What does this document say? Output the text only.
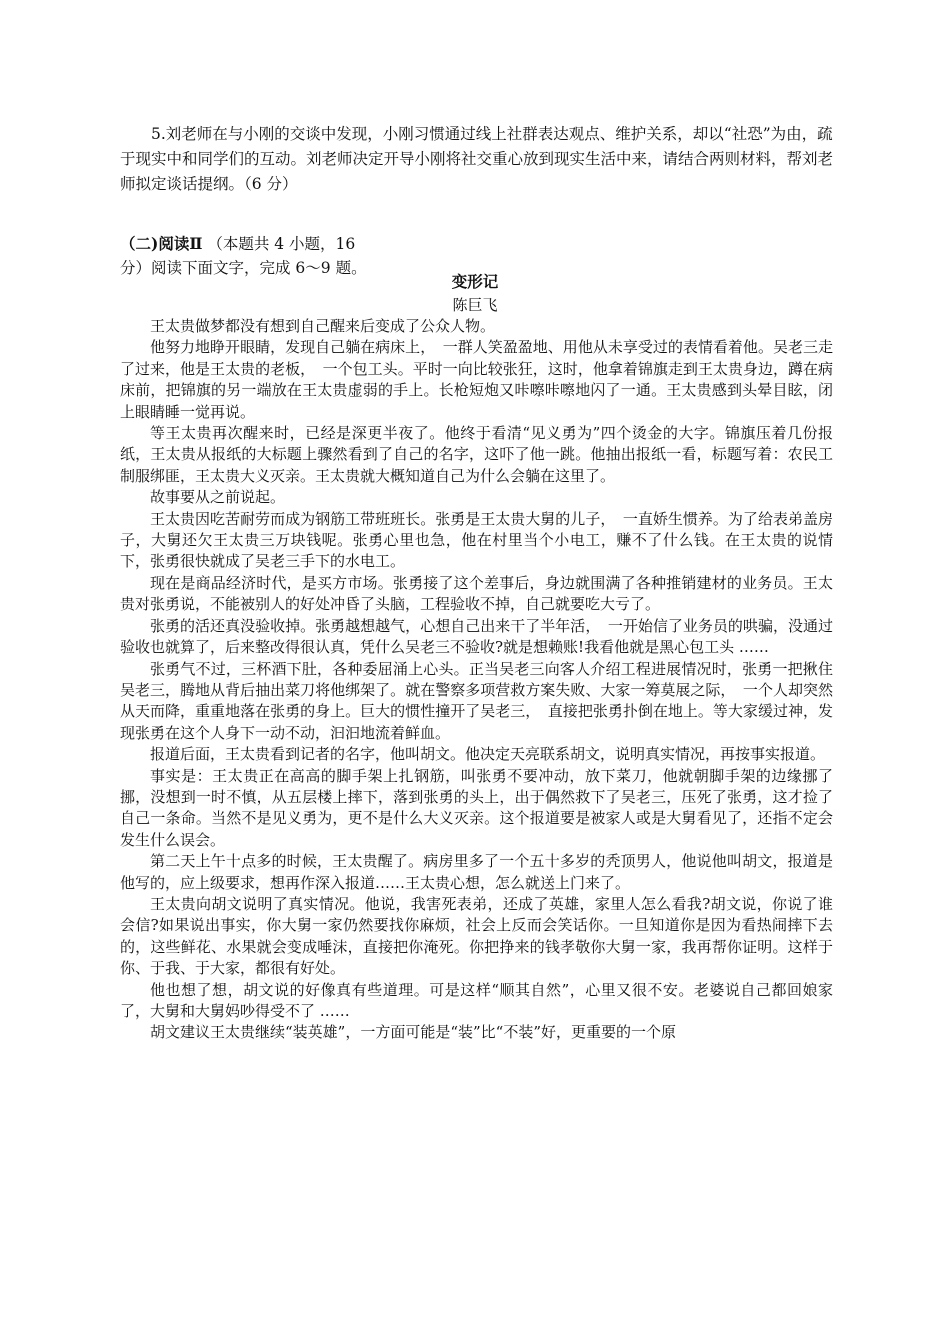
5.刘老师在与小刚的交谈中发现，小刚习惯通过线上社群表达观点、维护关系，却以“社恐”为由，疏于现实中和同学们的互动。刘老师决定开导小刚将社交重心放到现实生活中来，请结合两则材料，帮刘老师拟定谈话提纲。（6 分）

（二)阅读Ⅱ （本题共 4 小题，16
分）阅读下面文字，完成 6～9 题。

变形记

陈巨飞

王太贵做梦都没有想到自己醒来后变成了公众人物。

他努力地睁开眼睛，发现自己躺在病床上，　一群人笑盈盈地、用他从未享受过的表情看着他。吴老三走了过来，他是王太贵的老板，　一个包工头。平时一向比较张狂，这时，他拿着锦旗走到王太贵身边，蹲在病床前，把锦旗的另一端放在王太贵虚弱的手上。长枪短炮又咔嚓咔嚓地闪了一通。王太贵感到头晕目眩，闭上眼睛睡一觉再说。

等王太贵再次醒来时，已经是深更半夜了。他终于看清“见义勇为”四个烫金的大字。锦旗压着几份报纸，王太贵从报纸的大标题上骤然看到了自己的名字，这吓了他一跳。他抽出报纸一看，标题写着：农民工制服绑匪，王太贵大义灭亲。王太贵就大概知道自己为什么会躺在这里了。

故事要从之前说起。

王太贵因吃苦耐劳而成为钢筋工带班班长。张勇是王太贵大舅的儿子，　一直娇生惯养。为了给表弟盖房子，大舅还欠王太贵三万块钱呢。张勇心里也急，他在村里当个小电工，赚不了什么钱。在王太贵的说情下，张勇很快就成了吴老三手下的水电工。

现在是商品经济时代，是买方市场。张勇接了这个差事后，身边就围满了各种推销建材的业务员。王太贵对张勇说，不能被别人的好处冲昏了头脑，工程验收不掉，自己就要吃大亏了。

张勇的活还真没验收掉。张勇越想越气，心想自己出来干了半年活，　一开始信了业务员的哄骗，没通过验收也就算了，后来整改得很认真，凭什么吴老三不验收?就是想赖账!我看他就是黑心包工头 ……

张勇气不过，三杯酒下肚，各种委屈涌上心头。正当吴老三向客人介绍工程进展情况时，张勇一把揪住吴老三，腾地从背后抽出菜刀将他绑架了。就在警察多项营救方案失败、大家一筹莫展之际，　一个人却突然从天而降，重重地落在张勇的身上。巨大的惯性撞开了吴老三，　直接把张勇扑倒在地上。等大家缓过神，发现张勇在这个人身下一动不动，汩汩地流着鲜血。

报道后面，王太贵看到记者的名字，他叫胡文。他决定天亮联系胡文，说明真实情况，再按事实报道。

事实是：王太贵正在高高的脚手架上扎钢筋，叫张勇不要冲动，放下菜刀，他就朝脚手架的边缘挪了挪，没想到一时不慎，从五层楼上摔下，落到张勇的头上，出于偶然救下了吴老三，压死了张勇，这才捡了自己一条命。当然不是见义勇为，更不是什么大义灭亲。这个报道要是被家人或是大舅看见了，还指不定会发生什么误会。

第二天上午十点多的时候，王太贵醒了。病房里多了一个五十多岁的秃顶男人，他说他叫胡文，报道是他写的，应上级要求，想再作深入报道……王太贵心想，怎么就送上门来了。

王太贵向胡文说明了真实情况。他说，我害死表弟，还成了英雄，家里人怎么看我?胡文说，你说了谁会信?如果说出事实，你大舅一家仍然要找你麻烦，社会上反而会笑话你。一旦知道你是因为看热闹摔下去的，这些鲜花、水果就会变成唾沫，直接把你淹死。你把挣来的钱孝敬你大舅一家，我再帮你证明。这样于你、于我、于大家，都很有好处。

他也想了想，胡文说的好像真有些道理。可是这样“顺其自然”，心里又很不安。老婆说自己都回娘家了，大舅和大舅妈吵得受不了 ……

胡文建议王太贵继续“装英雄”，一方面可能是“装”比“不装”好，更重要的一个原
